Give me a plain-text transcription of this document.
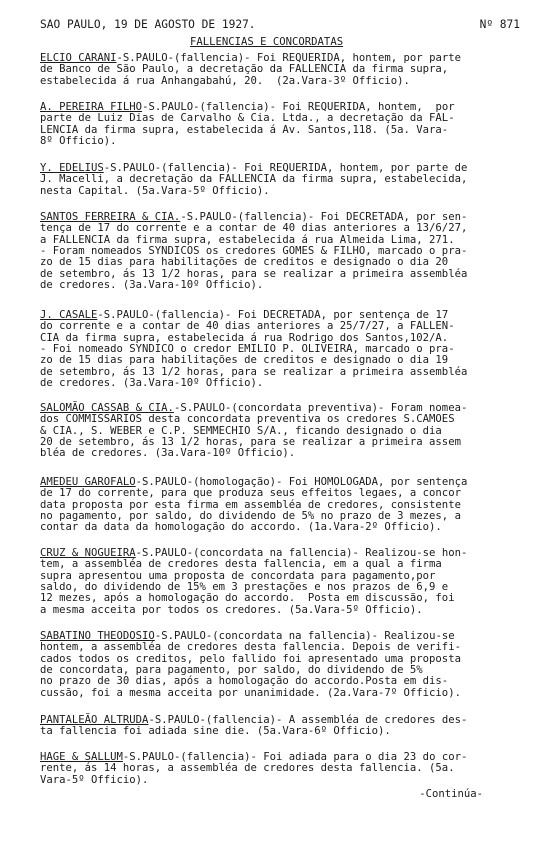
SAO PAULO, 19 DE AGOSTO DE 1927.

	Nº 871

FALLENCIAS E CONCORDATAS
ELCIO CARANI-S.PAULO-(fallencia)- Foi REQUERIDA, hontem, por parte
de Banco de São Paulo, a decretação da FALLENCIA da firma supra,
estabelecida á rua Anhangabahú, 20.  (2a.Vara-3º Officio).
A. PEREIRA FILHO-S.PAULO-(fallencia)- Foi REQUERIDA, hontem,  por
parte de Luiz Dias de Carvalho & Cia. Ltda., a decretação da FAL-
LENCIA da firma supra, estabelecida á Av. Santos,118. (5a. Vara-
8º Officio).
Y. EDELIUS-S.PAULO-(fallencia)- Foi REQUERIDA, hontem, por parte de
J. Macelli, a decretação da FALLENCIA da firma supra, estabelecida,
nesta Capital. (5a.Vara-5º Officio).
SANTOS FERREIRA & CIA.-S.PAULO-(fallencia)- Foi DECRETADA, por sen-
tença de 17 do corrente e a contar de 40 dias anteriores a 13/6/27,
a FALLENCIA da firma supra, estabelecida á rua Almeida Lima, 271.
- Foram nomeados SYNDICOS os credores GOMES & FILHO, marcado o pra-
zo de 15 dias para habilitações de creditos e designado o dia 20
de setembro, ás 13 1/2 horas, para se realizar a primeira assembléa
de credores. (3a.Vara-10º Officio).
J. CASALE-S.PAULO-(fallencia)- Foi DECRETADA, por sentença de 17
do corrente e a contar de 40 dias anteriores a 25/7/27, a FALLEN-
CIA da firma supra, estabelecida á rua Rodrigo dos Santos,102/A.
- Foi nomeado SYNDICO o credor EMILIO P. OLIVEIRA, marcado o pra-
zo de 15 dias para habilitações de creditos e designado o dia 19
de setembro, ás 13 1/2 horas, para se realizar a primeira assembléa
de credores. (3a.Vara-10º Officio).
SALOMÃO CASSAB & CIA.-S.PAULO-(concordata preventiva)- Foram nomea-
dos COMMISSARIOS desta concordata preventiva os credores S.CAMOES
& CIA., S. WEBER e C.P. SEMMECHIO S/A., ficando designado o dia
20 de setembro, ás 13 1/2 horas, para se realizar a primeira assem
bléa de credores. (3a.Vara-10º Officio).
AMEDEU GAROFALO-S.PAULO-(homologação)- Foi HOMOLOGADA, por sentença
de 17 do corrente, para que produza seus effeitos legaes, a concor
data proposta por esta firma em assembléa de credores, consistente
no pagamento, por saldo, do dividendo de 5% no prazo de 3 mezes, a
contar da data da homologação do accordo. (1a.Vara-2º Officio).
CRUZ & NOGUEIRA-S.PAULO-(concordata na fallencia)- Realizou-se hon-
tem, a assembléa de credores desta fallencia, em a qual a firma
supra apresentou uma proposta de concordata para pagamento,por
saldo, do dividendo de 15% em 3 prestações e nos prazos de 6,9 e
12 mezes, após a homologação do accordo.  Posta em discussão, foi
a mesma acceita por todos os credores. (5a.Vara-5º Officio).
SABATINO THEODOSIO-S.PAULO-(concordata na fallencia)- Realizou-se
hontem, a assembléa de credores desta fallencia. Depois de verifi-
cados todos os creditos, pelo fallido foi apresentado uma proposta
de concordata, para pagamento, por saldo, do dividendo de 5%
no prazo de 30 dias, após a homologação do accordo.Posta em dis-
cussão, foi a mesma acceita por unanimidade. (2a.Vara-7º Officio).
PANTALEÃO ALTRUDA-S.PAULO-(fallencia)- A assembléa de credores des-
ta fallencia foi adiada sine die. (5a.Vara-6º Officio).
HAGE & SALLUM-S.PAULO-(fallencia)- Foi adiada para o dia 23 do cor-
rente, ás 14 horas, a assembléa de credores desta fallencia. (5a.
Vara-5º Officio).
-Continúa-
